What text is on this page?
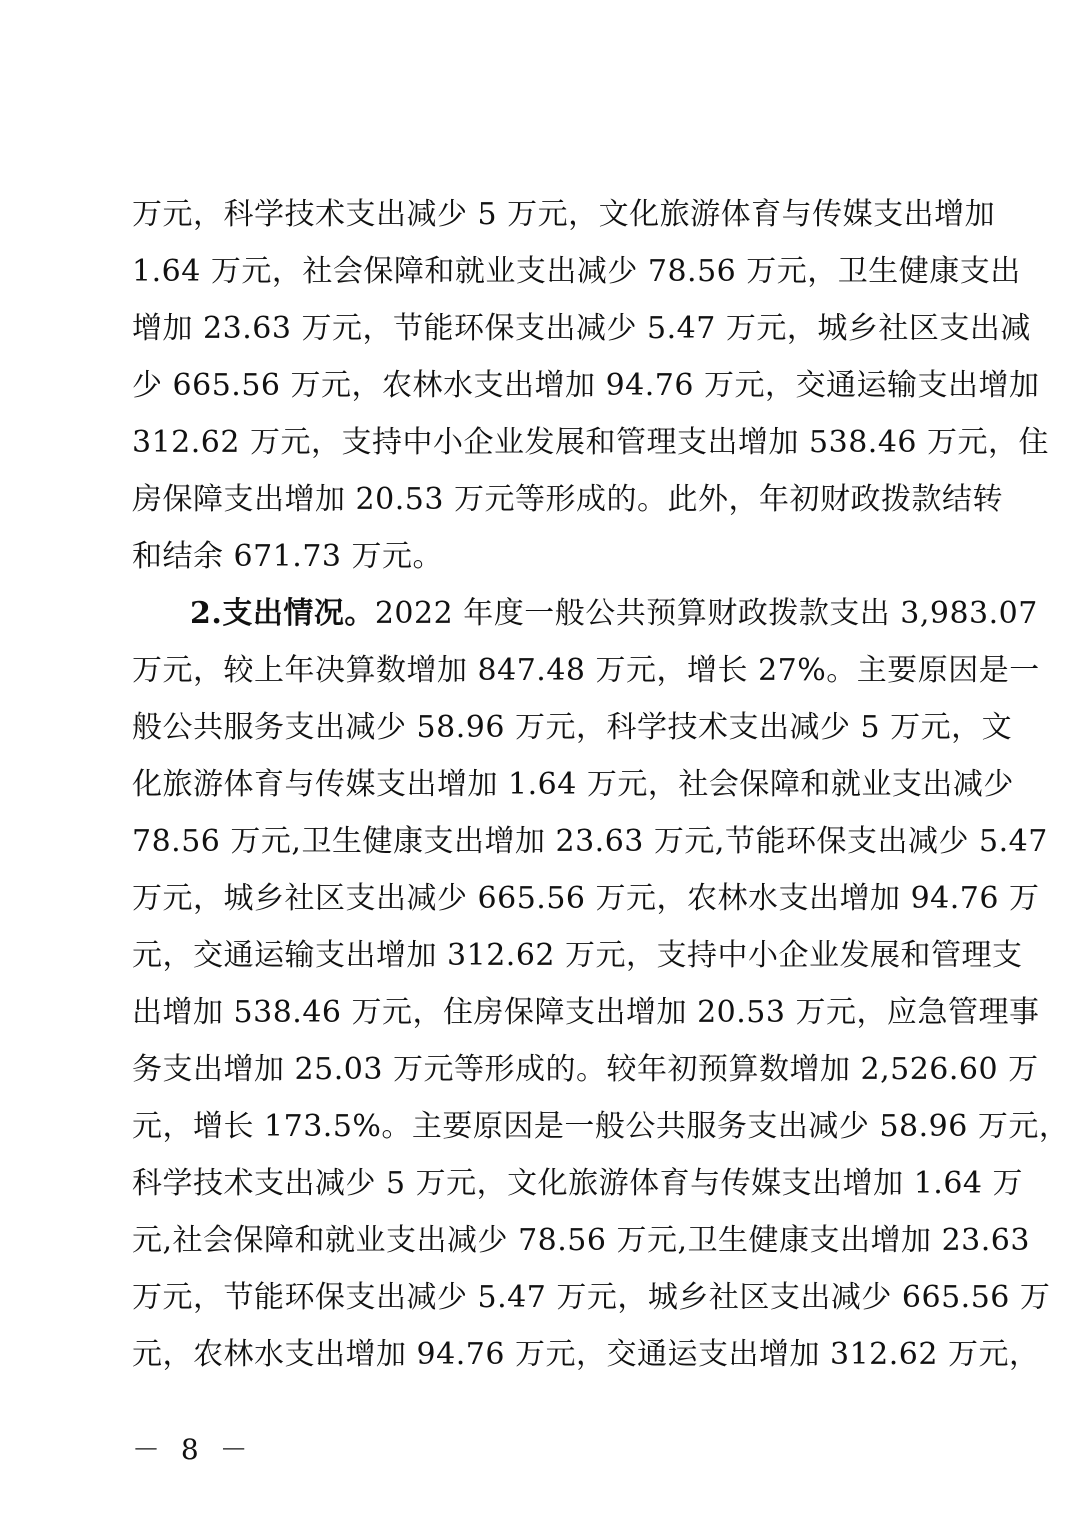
万元，科学技术支出减少 5 万元，文化旅游体育与传媒支出增加
1.64 万元，社会保障和就业支出减少 78.56 万元，卫生健康支出
增加 23.63 万元，节能环保支出减少 5.47 万元，城乡社区支出减
少 665.56 万元，农林水支出增加 94.76 万元，交通运输支出增加
312.62 万元，支持中小企业发展和管理支出增加 538.46 万元，住
房保障支出增加 20.53 万元等形成的。此外，年初财政拨款结转
和结余 671.73 万元。
2.支出情况。2022 年度一般公共预算财政拨款支出 3,983.07
万元，较上年决算数增加 847.48 万元，增长 27%。主要原因是一
般公共服务支出减少 58.96 万元，科学技术支出减少 5 万元，文
化旅游体育与传媒支出增加 1.64 万元，社会保障和就业支出减少
78.56 万元,卫生健康支出增加 23.63 万元,节能环保支出减少 5.47
万元，城乡社区支出减少 665.56 万元，农林水支出增加 94.76 万
元，交通运输支出增加 312.62 万元，支持中小企业发展和管理支
出增加 538.46 万元，住房保障支出增加 20.53 万元，应急管理事
务支出增加 25.03 万元等形成的。较年初预算数增加 2,526.60 万
元，增长 173.5%。主要原因是一般公共服务支出减少 58.96 万元，
科学技术支出减少 5 万元，文化旅游体育与传媒支出增加 1.64 万
元,社会保障和就业支出减少 78.56 万元,卫生健康支出增加 23.63
万元，节能环保支出减少 5.47 万元，城乡社区支出减少 665.56 万
元，农林水支出增加 94.76 万元，交通运支出增加 312.62 万元，
－ 8 －
